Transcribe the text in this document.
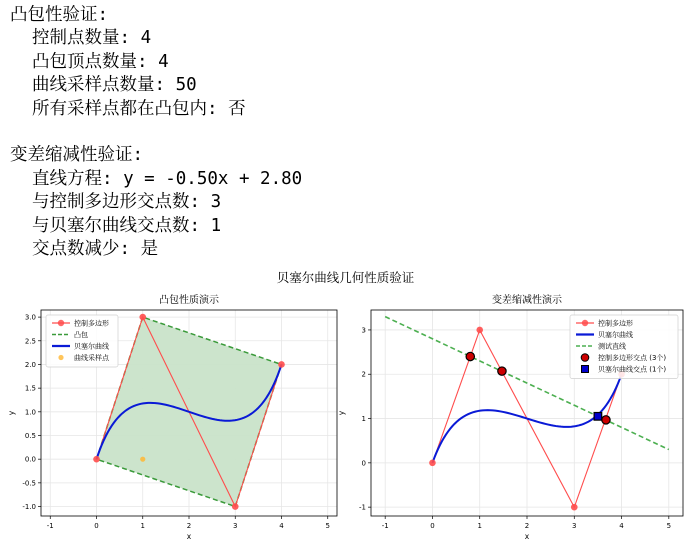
凸包性验证:
控制点数量: 4
凸包顶点数量: 4
曲线采样点数量: 50
所有采样点都在凸包内: 否
变差缩减性验证:
直线方程: y = -0.50x + 2.80
与控制多边形交点数: 3
与贝塞尔曲线交点数: 1
交点数减少: 是
贝塞尔曲线几何性质验证
-1	0	1	2	3	4	5
-1.0
-0.5
0.0
0.5
1.0
1.5
2.0
2.5
3.0
x
y
凸包性质演示
控制多边形
凸包
贝塞尔曲线
曲线采样点
-1	0	1	2	3	4	5
-1
0
1
2
3
x
y
变差缩减性演示
控制多边形
贝塞尔曲线
测试直线
控制多边形交点 (3个)
贝塞尔曲线交点 (1个)
